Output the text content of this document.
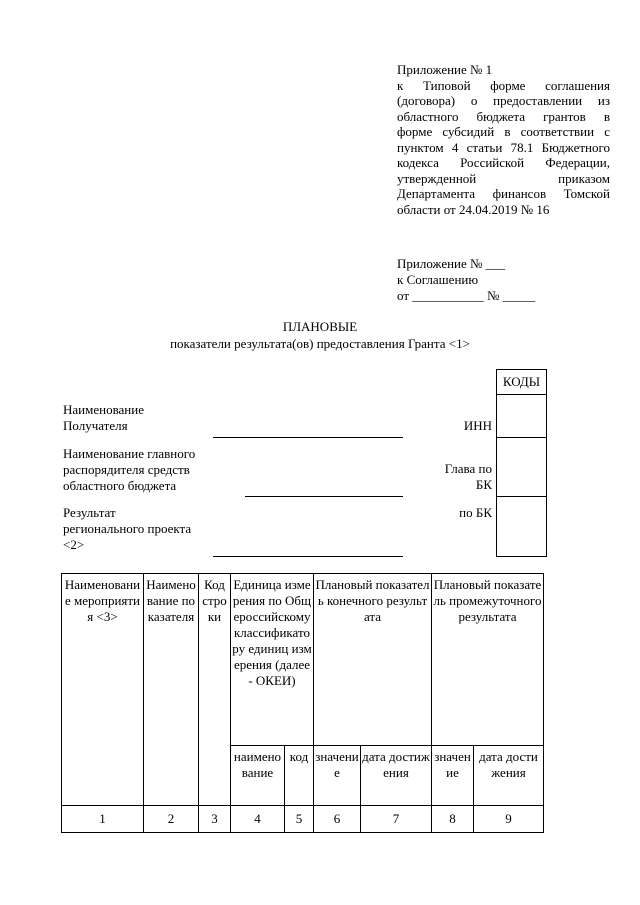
Приложение № 1
к Типовой форме соглашения
(договора) о предоставлении из
областного бюджета грантов в
форме субсидий в соответствии с
пунктом 4 статьи 78.1 Бюджетного
кодекса Российской Федерации,
утвержденной приказом
Департамента финансов Томской
области от 24.04.2019 № 16
Приложение № ___
к Соглашению
от ___________ № _____
ПЛАНОВЫЕ
показатели результата(ов) предоставления Гранта <1>
КОДЫ

Наименование
Получателя	ИНН
Наименование главного
распорядителя средств
областного бюджета
Глава по
БК
Результат
регионального проекта
<2>
по БК
Наименование мероприятия <3>	Наименование показателя	Код строки	Единица измерения по Общероссийскому классификатору единиц измерения (далее - ОКЕИ)		Плановый показатель конечного результата		Плановый показатель промежуточного результата	
			наименование	код	значение	дата достижения	значение	дата достижения
1	2	3	4	5	6	7	8	9
